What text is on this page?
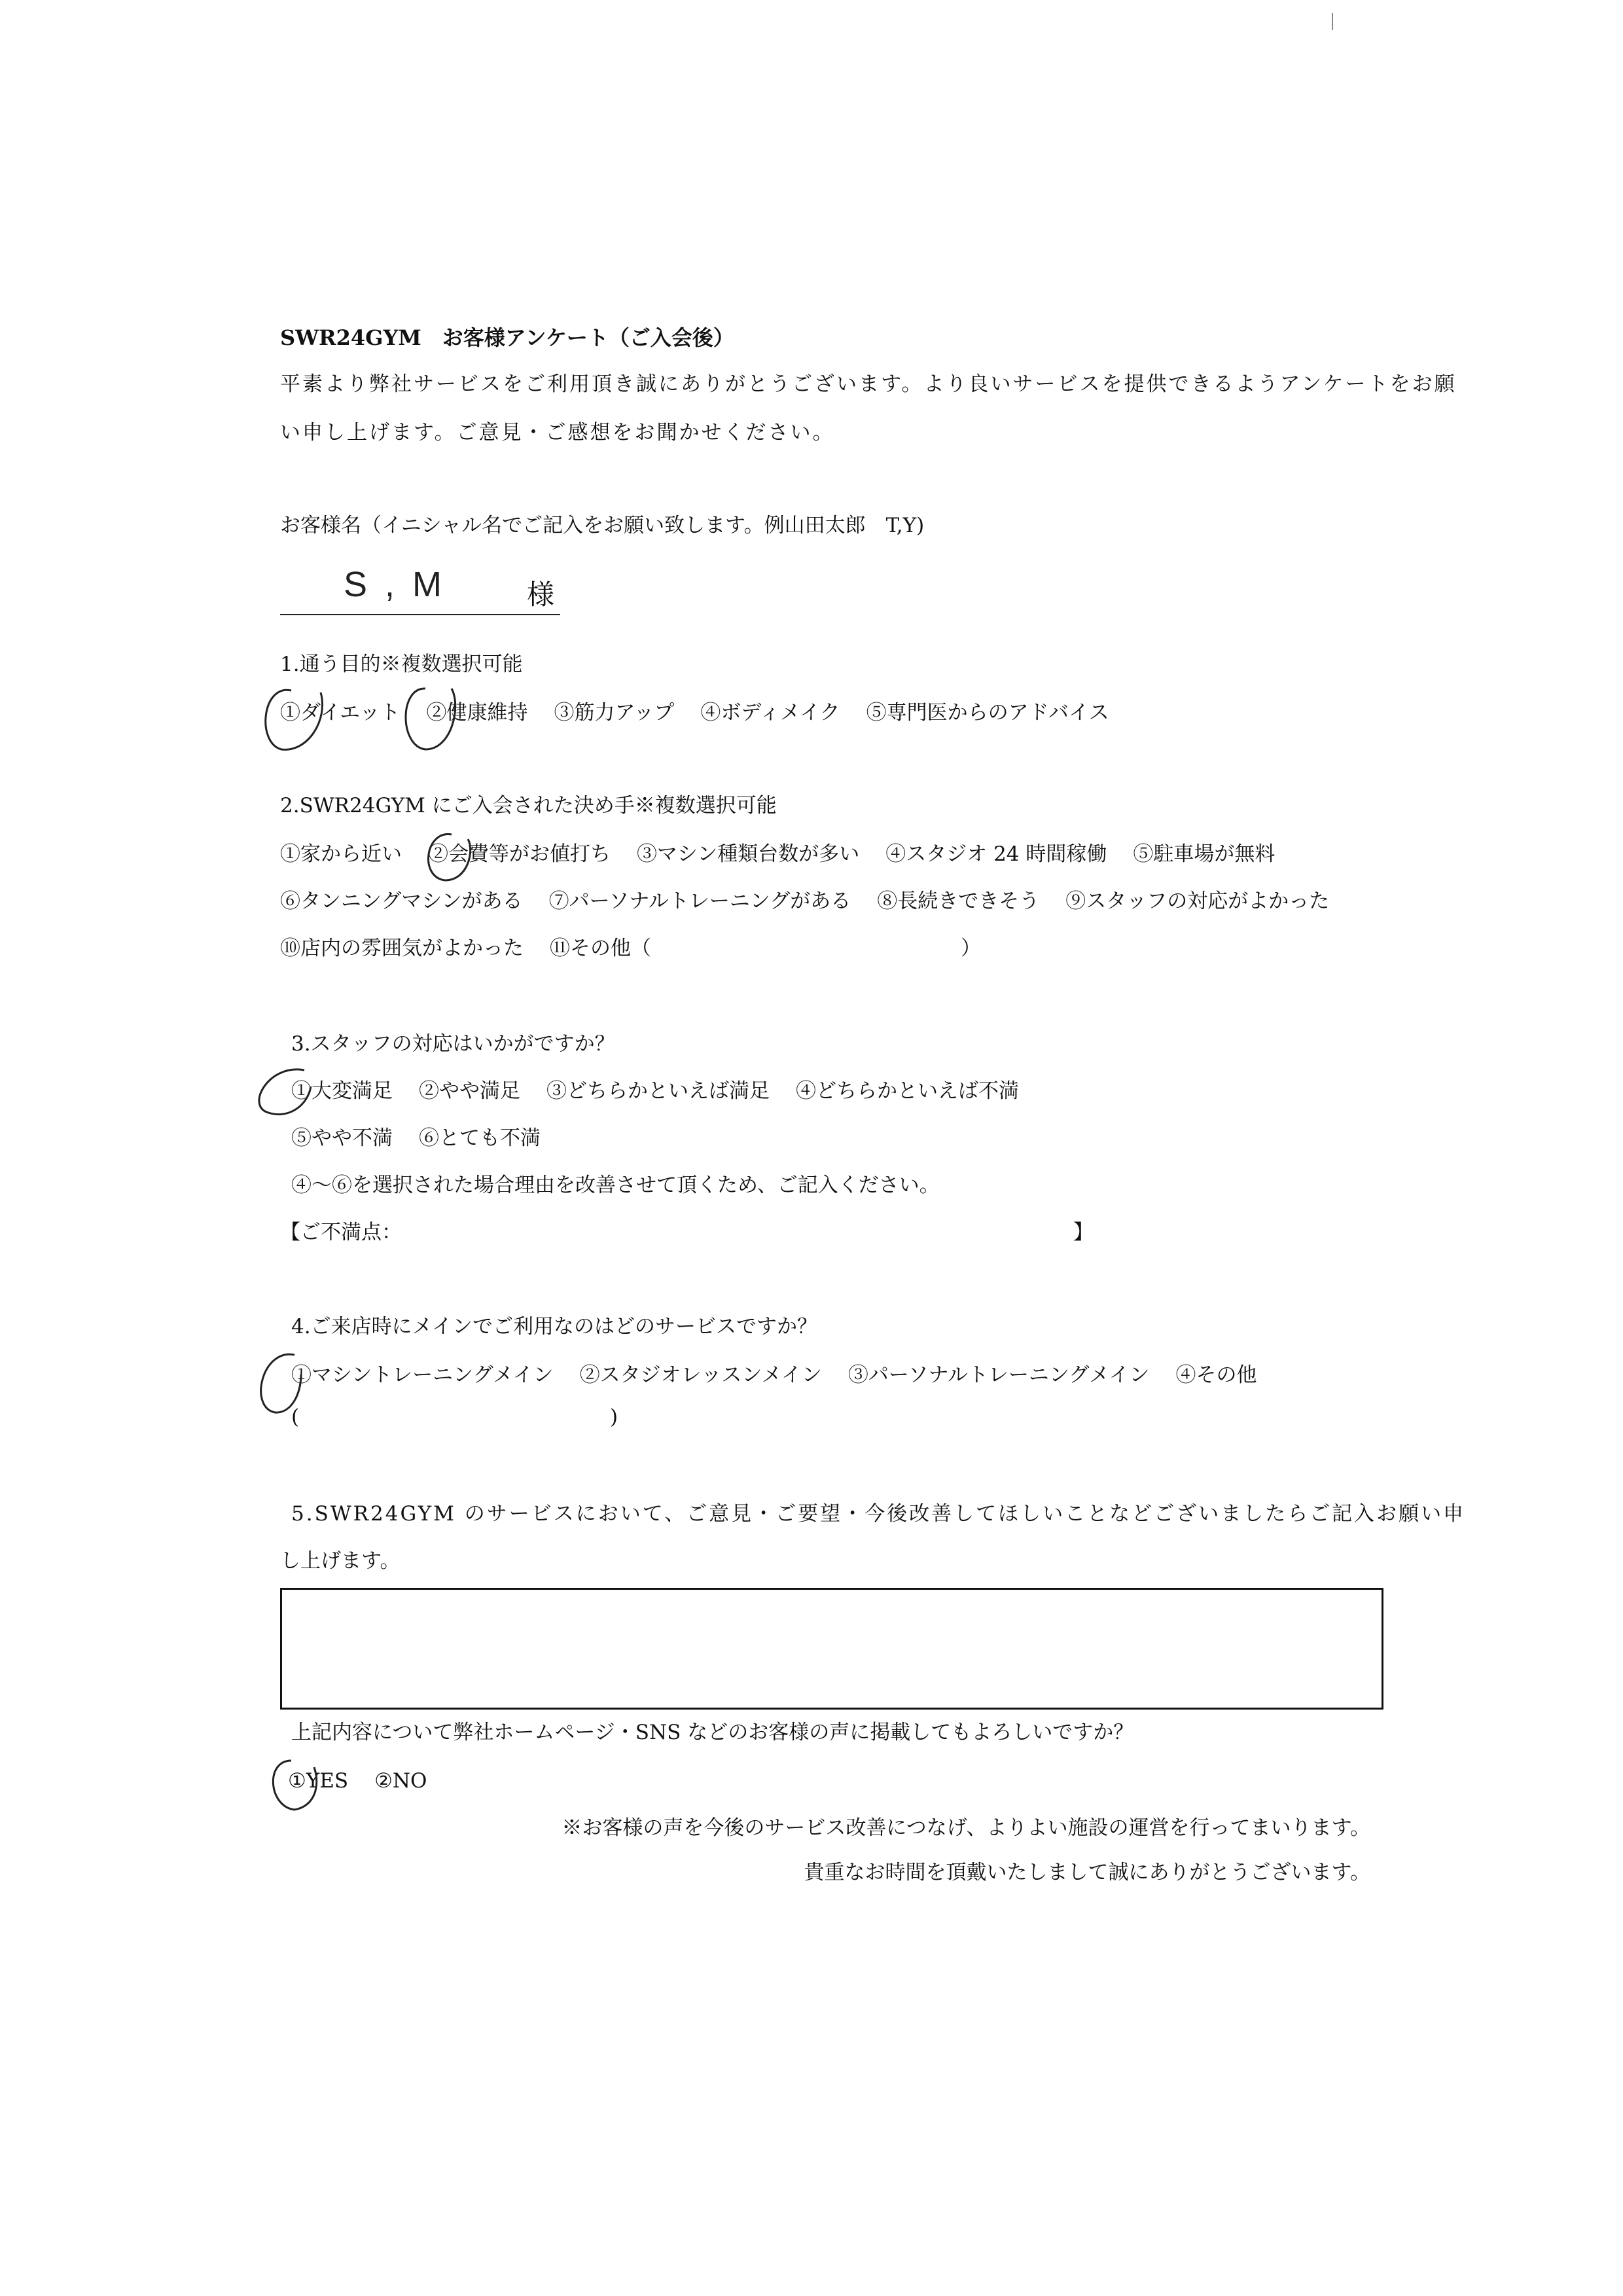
SWR24GYM　お客様アンケート（ご入会後）
平素より弊社サービスをご利用頂き誠にありがとうございます。より良いサービスを提供できるようアンケートをお願
い申し上げます。ご意見・ご感想をお聞かせください。
お客様名（イニシャル名でご記入をお願い致します。例山田太郎　T,Y)
S , M	様
1.通う目的※複数選択可能
①ダイエット ②健康維持 ③筋力アップ ④ボディメイク ⑤専門医からのアドバイス
2.SWR24GYM にご入会された決め手※複数選択可能
①家から近い ②会費等がお値打ち ③マシン種類台数が多い ④スタジオ 24 時間稼働 ⑤駐車場が無料
⑥タンニングマシンがある ⑦パーソナルトレーニングがある ⑧長続きできそう ⑨スタッフの対応がよかった
⑩店内の雰囲気がよかった ⑪その他（	）
3.スタッフの対応はいかがですか？
①大変満足 ②やや満足 ③どちらかといえば満足 ④どちらかといえば不満
⑤やや不満 ⑥とても不満
④～⑥を選択された場合理由を改善させて頂くため、ご記入ください。
【ご不満点：	】
4.ご来店時にメインでご利用なのはどのサービスですか？
①マシントレーニングメイン ②スタジオレッスンメイン ③パーソナルトレーニングメイン ④その他
(	)
5.SWR24GYM のサービスにおいて、ご意見・ご要望・今後改善してほしいことなどございましたらご記入お願い申
し上げます。
上記内容について弊社ホームページ・SNS などのお客様の声に掲載してもよろしいですか？
①YES ②NO
※お客様の声を今後のサービス改善につなげ、よりよい施設の運営を行ってまいります。
貴重なお時間を頂戴いたしまして誠にありがとうございます。
